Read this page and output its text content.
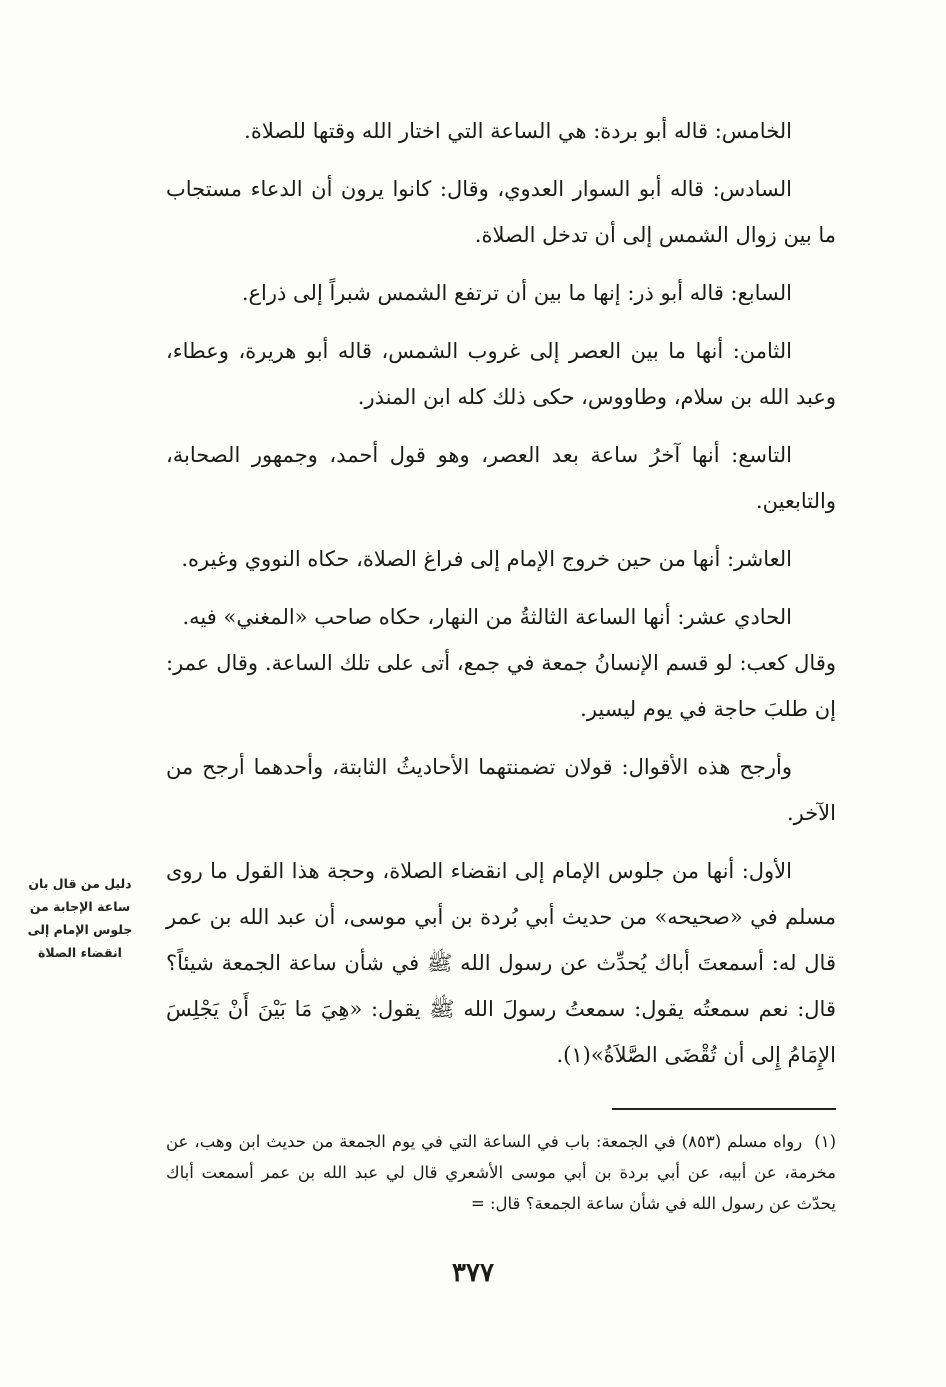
الخامس: قاله أبو بردة: هي الساعة التي اختار الله وقتها للصلاة.

السادس: قاله أبو السوار العدوي، وقال: كانوا يرون أن الدعاء مستجاب ما بين زوال الشمس إلى أن تدخل الصلاة.

السابع: قاله أبو ذر: إنها ما بين أن ترتفع الشمس شبراً إلى ذراع.

الثامن: أنها ما بين العصر إلى غروب الشمس، قاله أبو هريرة، وعطاء، وعبد الله بن سلام، وطاووس، حكى ذلك كله ابن المنذر.

التاسع: أنها آخرُ ساعة بعد العصر، وهو قول أحمد، وجمهور الصحابة، والتابعين.

العاشر: أنها من حين خروج الإمام إلى فراغ الصلاة، حكاه النووي وغيره.

الحادي عشر: أنها الساعة الثالثةُ من النهار، حكاه صاحب «المغني» فيه.

وقال كعب: لو قسم الإنسانُ جمعة في جمع، أتى على تلك الساعة. وقال عمر: إن طلبَ حاجة في يوم ليسير.

وأرجح هذه الأقوال: قولان تضمنتهما الأحاديثُ الثابتة، وأحدهما أرجح من الآخر.

الأول: أنها من جلوس الإمام إلى انقضاء الصلاة، وحجة هذا القول ما روى مسلم في «صحيحه» من حديث أبي بُردة بن أبي موسى، أن عبد الله بن عمر قال له: أسمعتَ أباك يُحدِّث عن رسول الله ﷺ في شأن ساعة الجمعة شيئاً؟ قال: نعم سمعتُه يقول: سمعتُ رسولَ الله ﷺ يقول: «هِيَ مَا بَيْنَ أَنْ يَجْلِسَ الإِمَامُ إِلى أن تُقْضَى الصَّلاَةُ»(١).

دليل من قال بان ساعة الإجابة من جلوس الإمام إلى انقضاء الصلاة
(١)رواه مسلم (٨٥٣) في الجمعة: باب في الساعة التي في يوم الجمعة من حديث ابن وهب، عن مخرمة، عن أبيه، عن أبي بردة بن أبي موسى الأشعري قال لي عبد الله بن عمر أسمعت أباك يحدّث عن رسول الله في شأن ساعة الجمعة؟ قال: =
٣٧٧
